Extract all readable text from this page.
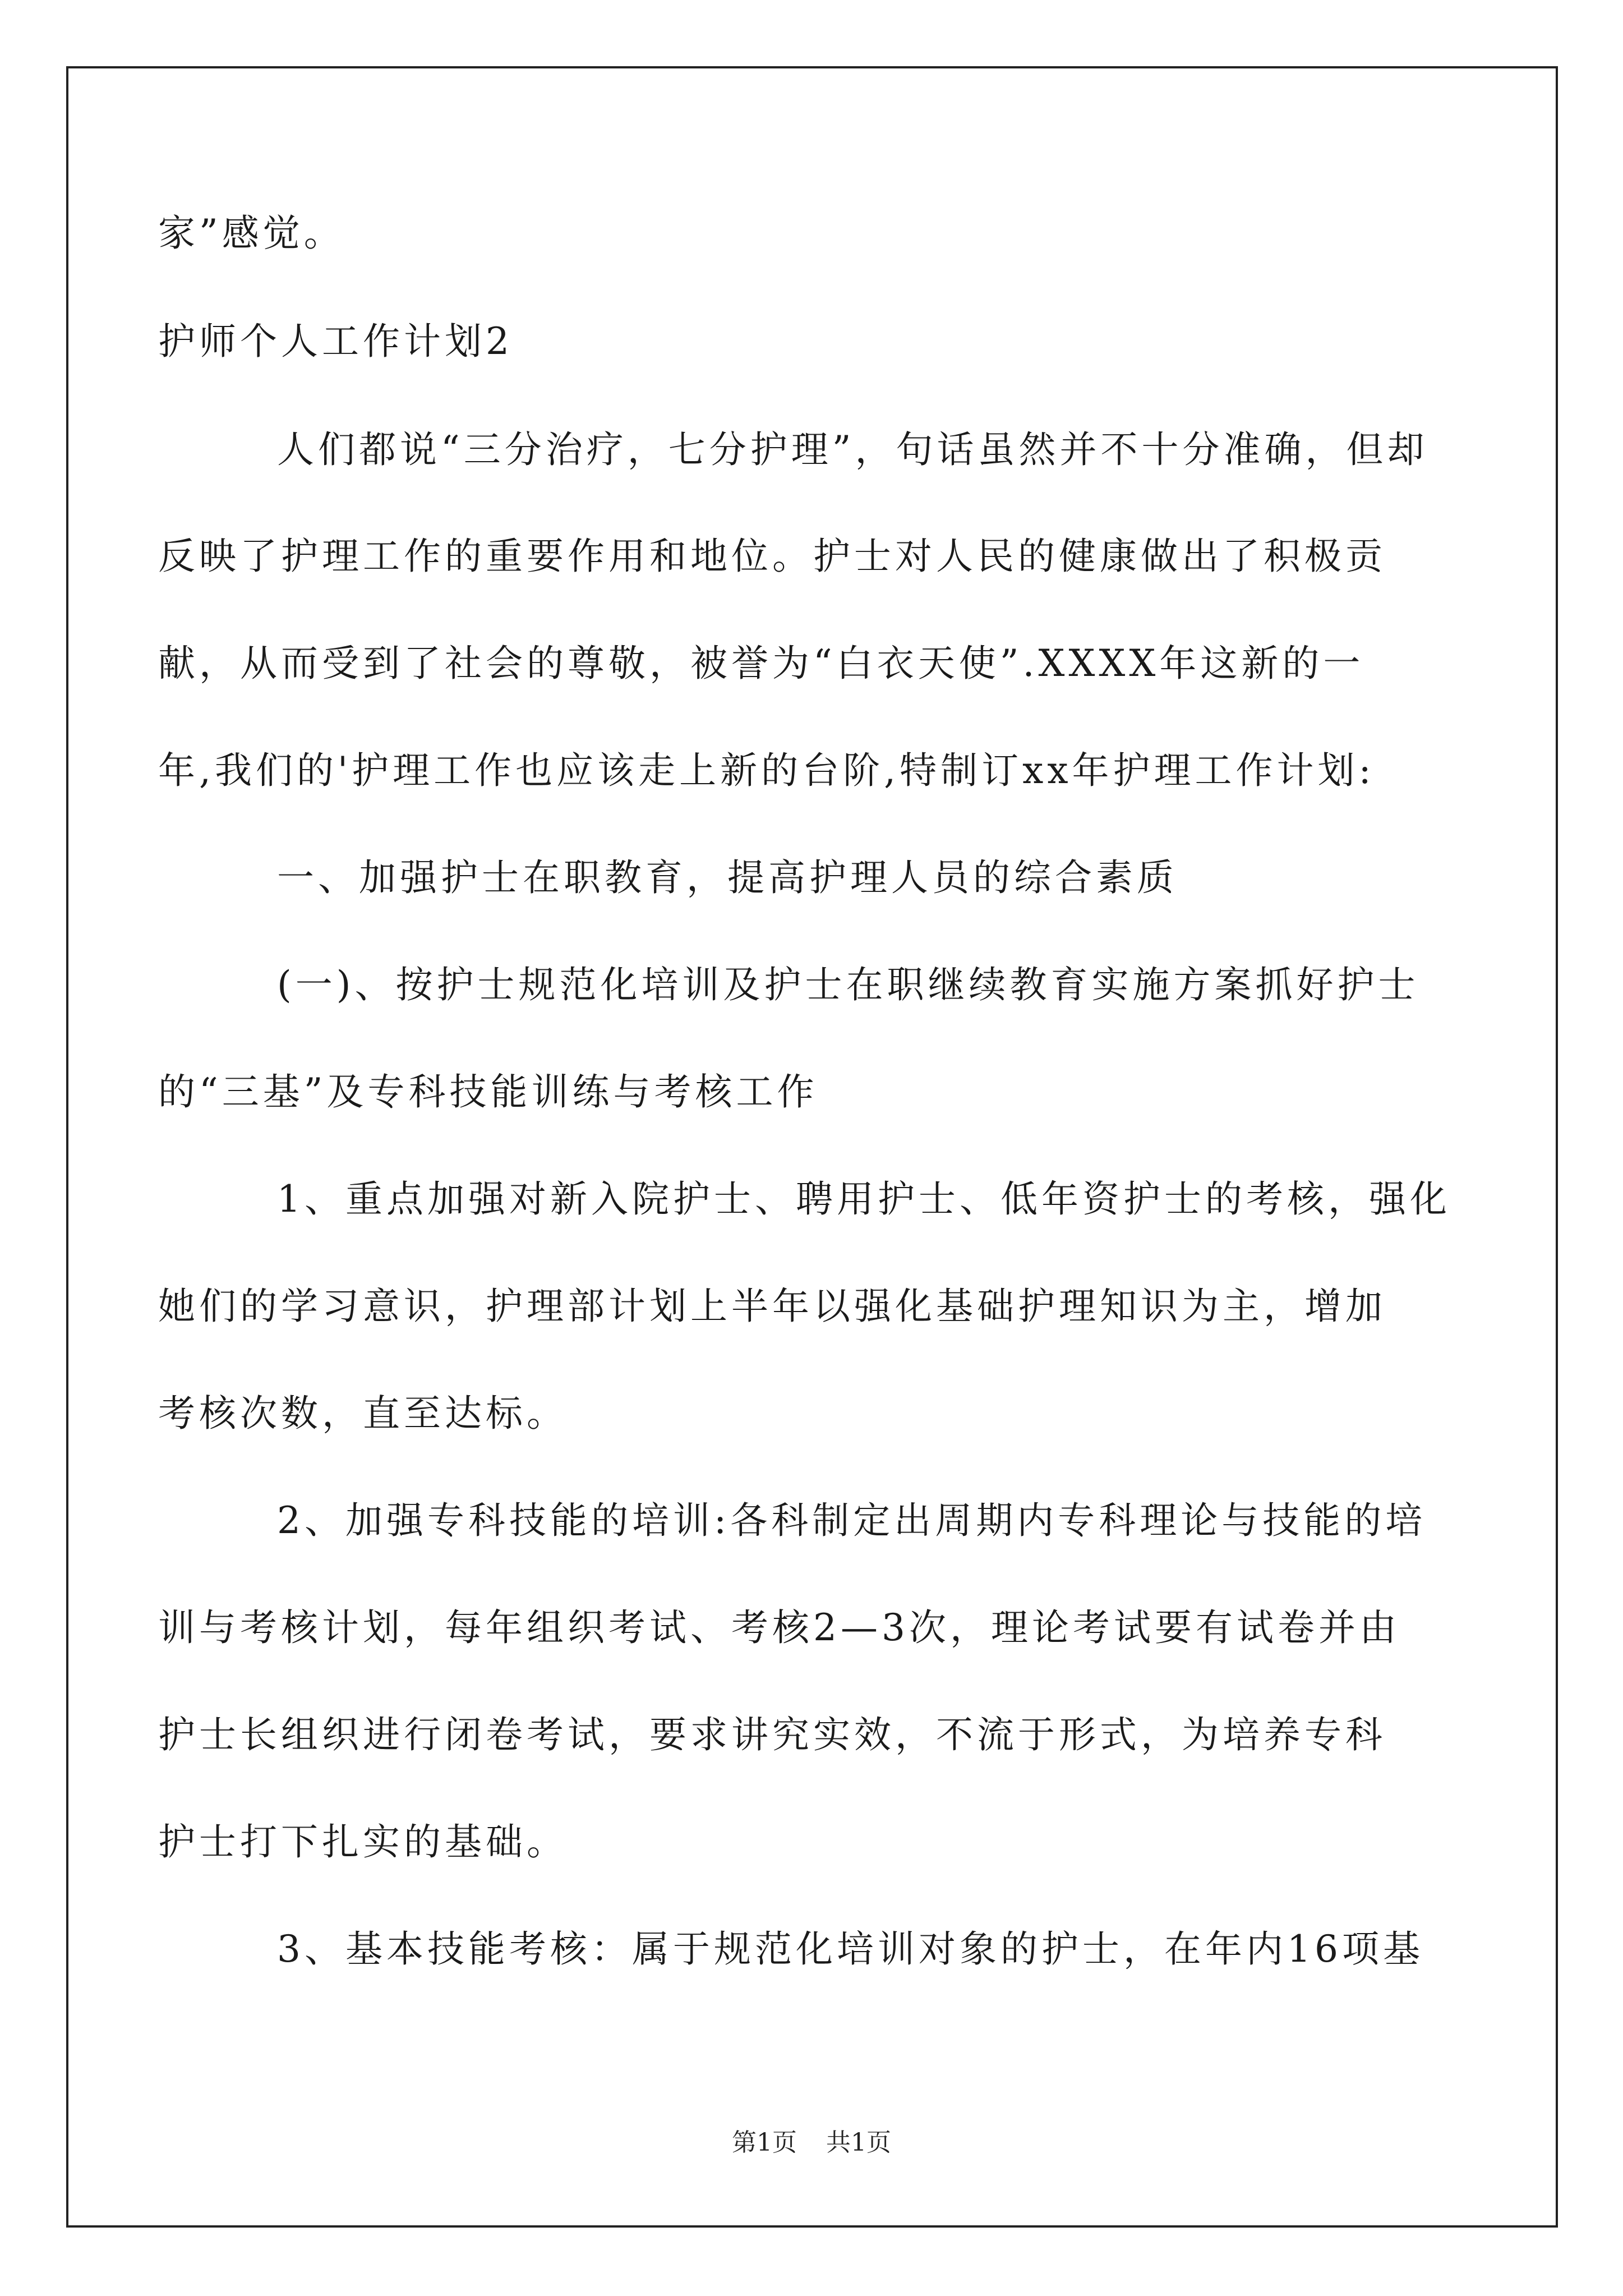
家”感觉。
护师个人工作计划2
人们都说“三分治疗，七分护理”，句话虽然并不十分准确，但却
反映了护理工作的重要作用和地位。护士对人民的健康做出了积极贡
献，从而受到了社会的尊敬，被誉为“白衣天使”.XXXX年这新的一
年,我们的'护理工作也应该走上新的台阶,特制订xx年护理工作计划:
一、加强护士在职教育，提高护理人员的综合素质
(一)、按护士规范化培训及护士在职继续教育实施方案抓好护士
的“三基”及专科技能训练与考核工作
1、重点加强对新入院护士、聘用护士、低年资护士的考核，强化
她们的学习意识，护理部计划上半年以强化基础护理知识为主，增加
考核次数，直至达标。
2、加强专科技能的培训:各科制定出周期内专科理论与技能的培
训与考核计划，每年组织考试、考核2—3次，理论考试要有试卷并由
护士长组织进行闭卷考试，要求讲究实效，不流于形式，为培养专科
护士打下扎实的基础。
3、基本技能考核：属于规范化培训对象的护士，在年内16项基
第1页 共1页
